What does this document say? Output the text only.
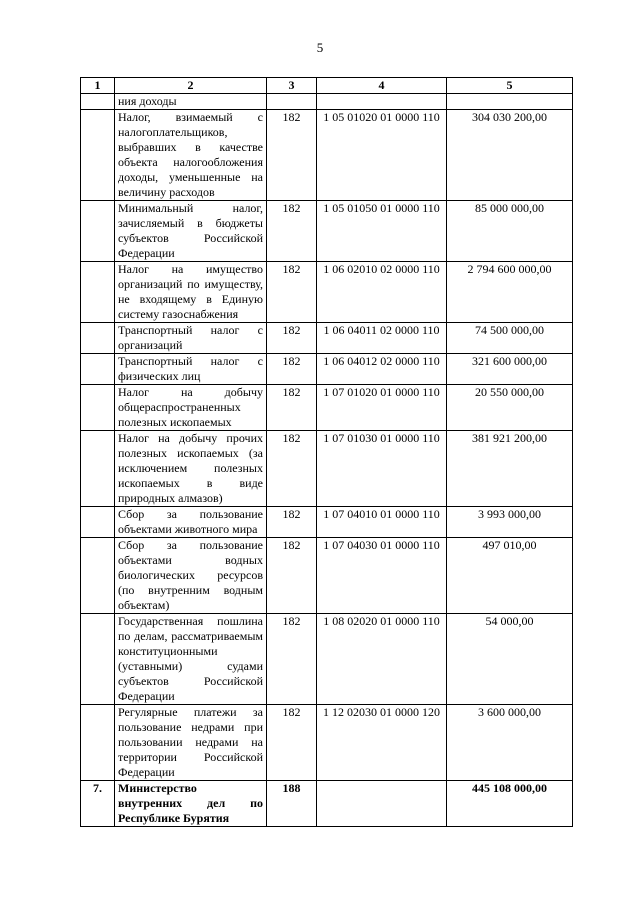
5
1	2	3	4	5
	ния доходы			
	Налог, взимаемый с налогоплательщиков, выбравших в качестве объекта налогообложения доходы, уменьшенные на величину расходов	182	1 05 01020 01 0000 110	304 030 200,00
	Минимальный налог, зачисляемый в бюджеты субъектов Российской Федерации	182	1 05 01050 01 0000 110	85 000 000,00
	Налог на имущество организаций по имуществу, не входящему в Единую систему газоснабжения	182	1 06 02010 02 0000 110	2 794 600 000,00
	Транспортный налог с организаций	182	1 06 04011 02 0000 110	74 500 000,00
	Транспортный налог с физических лиц	182	1 06 04012 02 0000 110	321 600 000,00
	Налог на добычу общераспространенных полезных ископаемых	182	1 07 01020 01 0000 110	20 550 000,00
	Налог на добычу прочих полезных ископаемых (за исключением полезных ископаемых в виде природных алмазов)	182	1 07 01030 01 0000 110	381 921 200,00
	Сбор за пользование объектами животного мира	182	1 07 04010 01 0000 110	3 993 000,00
	Сбор за пользование объектами водных биологических ресурсов (по внутренним водным объектам)	182	1 07 04030 01 0000 110	497 010,00
	Государственная пошлина по делам, рассматриваемым конституционными (уставными) судами субъектов Российской Федерации	182	1 08 02020 01 0000 110	54 000,00
	Регулярные платежи за пользование недрами при пользовании недрами на территории Российской Федерации	182	1 12 02030 01 0000 120	3 600 000,00
7.	Министерство внутренних дел по Республике Бурятия	188		445 108 000,00
